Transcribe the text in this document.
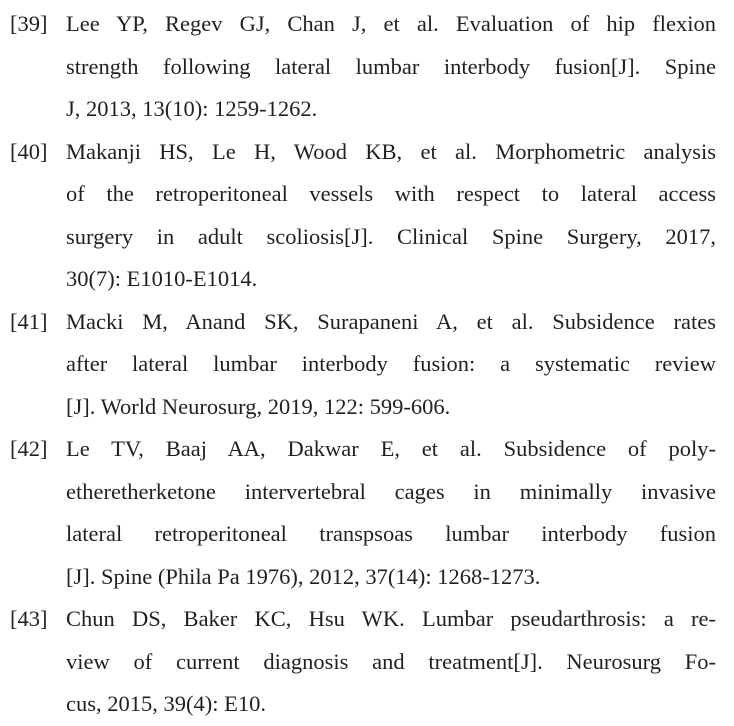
[39] Lee YP, Regev GJ, Chan J, et al. Evaluation of hip flexion
strength following lateral lumbar interbody fusion[J]. Spine
J, 2013, 13(10): 1259-1262.
[40] Makanji HS, Le H, Wood KB, et al. Morphometric analysis
of the retroperitoneal vessels with respect to lateral access
surgery in adult scoliosis[J]. Clinical Spine Surgery, 2017,
30(7): E1010-E1014.
[41] Macki M, Anand SK, Surapaneni A, et al. Subsidence rates
after lateral lumbar interbody fusion: a systematic review
[J]. World Neurosurg, 2019, 122: 599-606.
[42] Le TV, Baaj AA, Dakwar E, et al. Subsidence of poly-
etheretherketone intervertebral cages in minimally invasive
lateral retroperitoneal transpsoas lumbar interbody fusion
[J]. Spine (Phila Pa 1976), 2012, 37(14): 1268-1273.
[43] Chun DS, Baker KC, Hsu WK. Lumbar pseudarthrosis: a re-
view of current diagnosis and treatment[J]. Neurosurg Fo-
cus, 2015, 39(4): E10.
